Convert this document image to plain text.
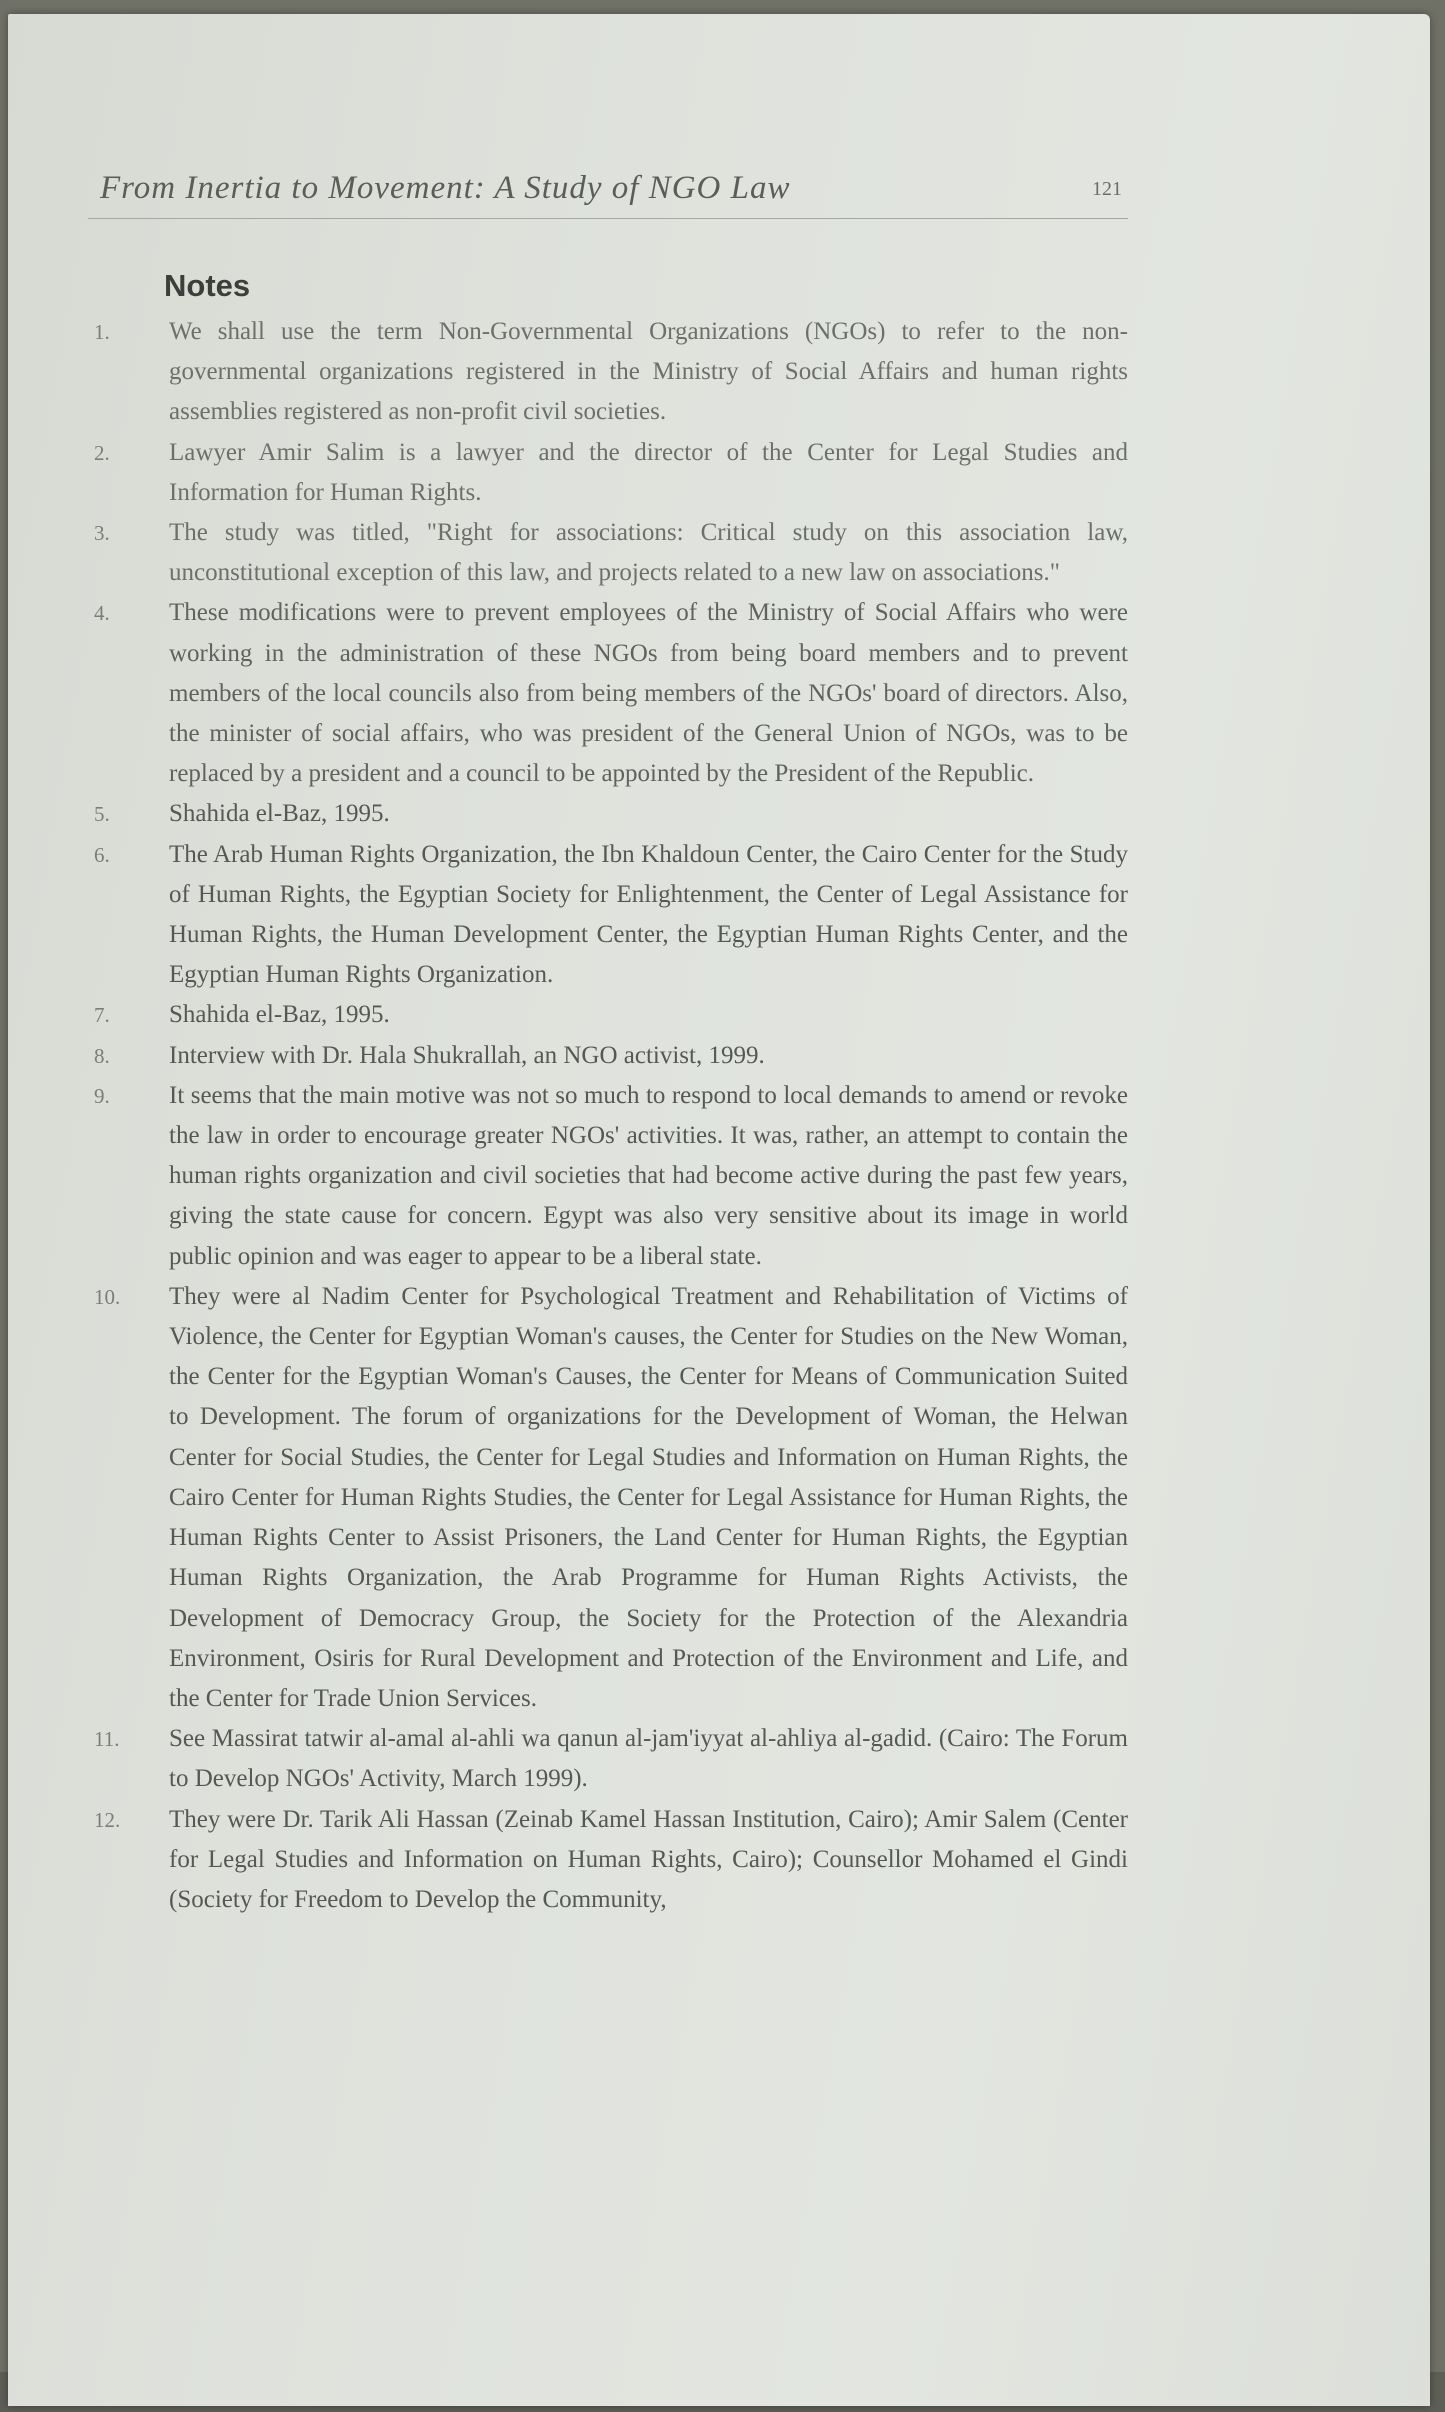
From Inertia to Movement: A Study of NGO Law	121
Notes
1. We shall use the term Non-Governmental Organizations (NGOs) to refer to the non-governmental organizations registered in the Ministry of Social Affairs and human rights assemblies registered as non-profit civil societies.
2. Lawyer Amir Salim is a lawyer and the director of the Center for Legal Studies and Information for Human Rights.
3. The study was titled, "Right for associations: Critical study on this association law, unconstitutional exception of this law, and projects related to a new law on associations."
4. These modifications were to prevent employees of the Ministry of Social Affairs who were working in the administration of these NGOs from being board members and to prevent members of the local councils also from being members of the NGOs' board of directors. Also, the minister of social affairs, who was president of the General Union of NGOs, was to be replaced by a president and a council to be appointed by the President of the Republic.
5. Shahida el-Baz, 1995.
6. The Arab Human Rights Organization, the Ibn Khaldoun Center, the Cairo Center for the Study of Human Rights, the Egyptian Society for Enlightenment, the Center of Legal Assistance for Human Rights, the Human Development Center, the Egyptian Human Rights Center, and the Egyptian Human Rights Organization.
7. Shahida el-Baz, 1995.
8. Interview with Dr. Hala Shukrallah, an NGO activist, 1999.
9. It seems that the main motive was not so much to respond to local demands to amend or revoke the law in order to encourage greater NGOs' activities. It was, rather, an attempt to contain the human rights organization and civil societies that had become active during the past few years, giving the state cause for concern. Egypt was also very sensitive about its image in world public opinion and was eager to appear to be a liberal state.
10. They were al Nadim Center for Psychological Treatment and Rehabilitation of Victims of Violence, the Center for Egyptian Woman's causes, the Center for Studies on the New Woman, the Center for the Egyptian Woman's Causes, the Center for Means of Communication Suited to Development. The forum of organizations for the Development of Woman, the Helwan Center for Social Studies, the Center for Legal Studies and Information on Human Rights, the Cairo Center for Human Rights Studies, the Center for Legal Assistance for Human Rights, the Human Rights Center to Assist Prisoners, the Land Center for Human Rights, the Egyptian Human Rights Organization, the Arab Programme for Human Rights Activists, the Development of Democracy Group, the Society for the Protection of the Alexandria Environment, Osiris for Rural Development and Protection of the Environment and Life, and the Center for Trade Union Services.
11. See Massirat tatwir al-amal al-ahli wa qanun al-jam'iyyat al-ahliya al-gadid. (Cairo: The Forum to Develop NGOs' Activity, March 1999).
12. They were Dr. Tarik Ali Hassan (Zeinab Kamel Hassan Institution, Cairo); Amir Salem (Center for Legal Studies and Information on Human Rights, Cairo); Counsellor Mohamed el Gindi (Society for Freedom to Develop the Community,
